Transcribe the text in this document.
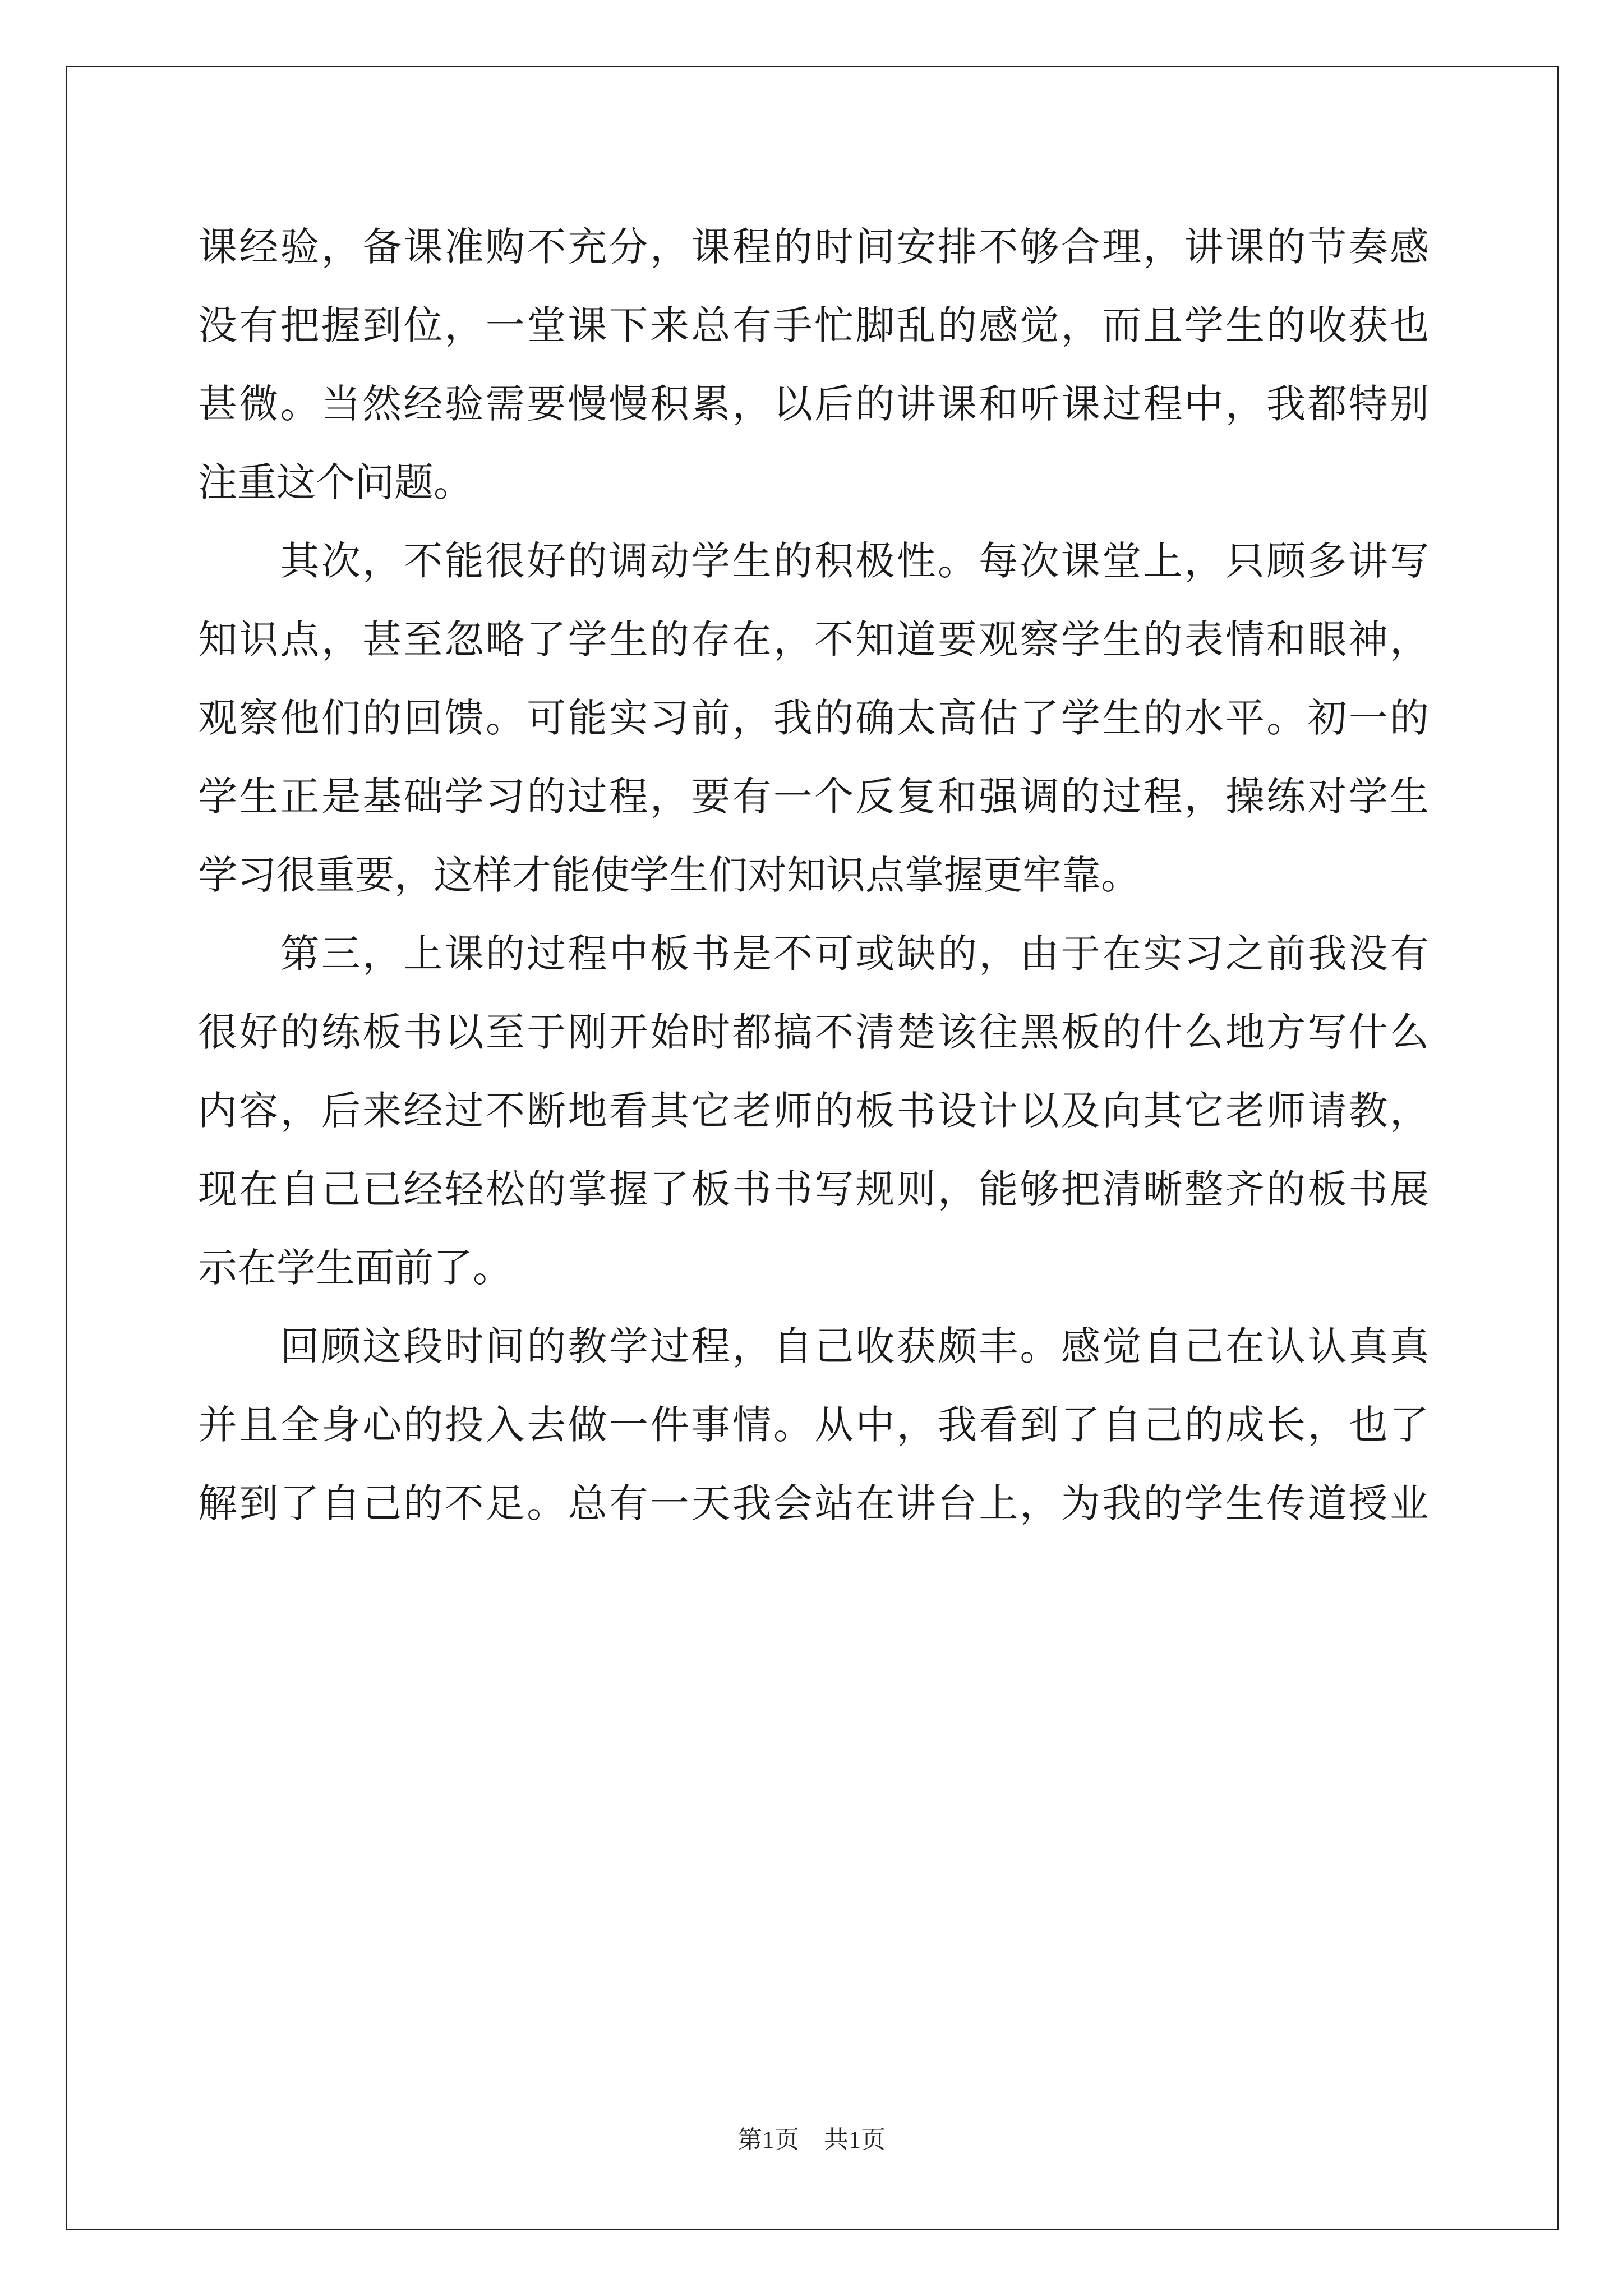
课经验，备课准购不充分，课程的时间安排不够合理，讲课的节奏感
没有把握到位，一堂课下来总有手忙脚乱的感觉，而且学生的收获也
甚微。当然经验需要慢慢积累，以后的讲课和听课过程中，我都特别
注重这个问题。
　　其次，不能很好的调动学生的积极性。每次课堂上，只顾多讲写
知识点，甚至忽略了学生的存在，不知道要观察学生的表情和眼神，
观察他们的回馈。可能实习前，我的确太高估了学生的水平。初一的
学生正是基础学习的过程，要有一个反复和强调的过程，操练对学生
学习很重要，这样才能使学生们对知识点掌握更牢靠。
　　第三，上课的过程中板书是不可或缺的，由于在实习之前我没有
很好的练板书以至于刚开始时都搞不清楚该往黑板的什么地方写什么
内容，后来经过不断地看其它老师的板书设计以及向其它老师请教，
现在自己已经轻松的掌握了板书书写规则，能够把清晰整齐的板书展
示在学生面前了。
　　回顾这段时间的教学过程，自己收获颇丰。感觉自己在认认真真
并且全身心的投入去做一件事情。从中，我看到了自己的成长，也了
解到了自己的不足。总有一天我会站在讲台上，为我的学生传道授业
第1页　共1页
